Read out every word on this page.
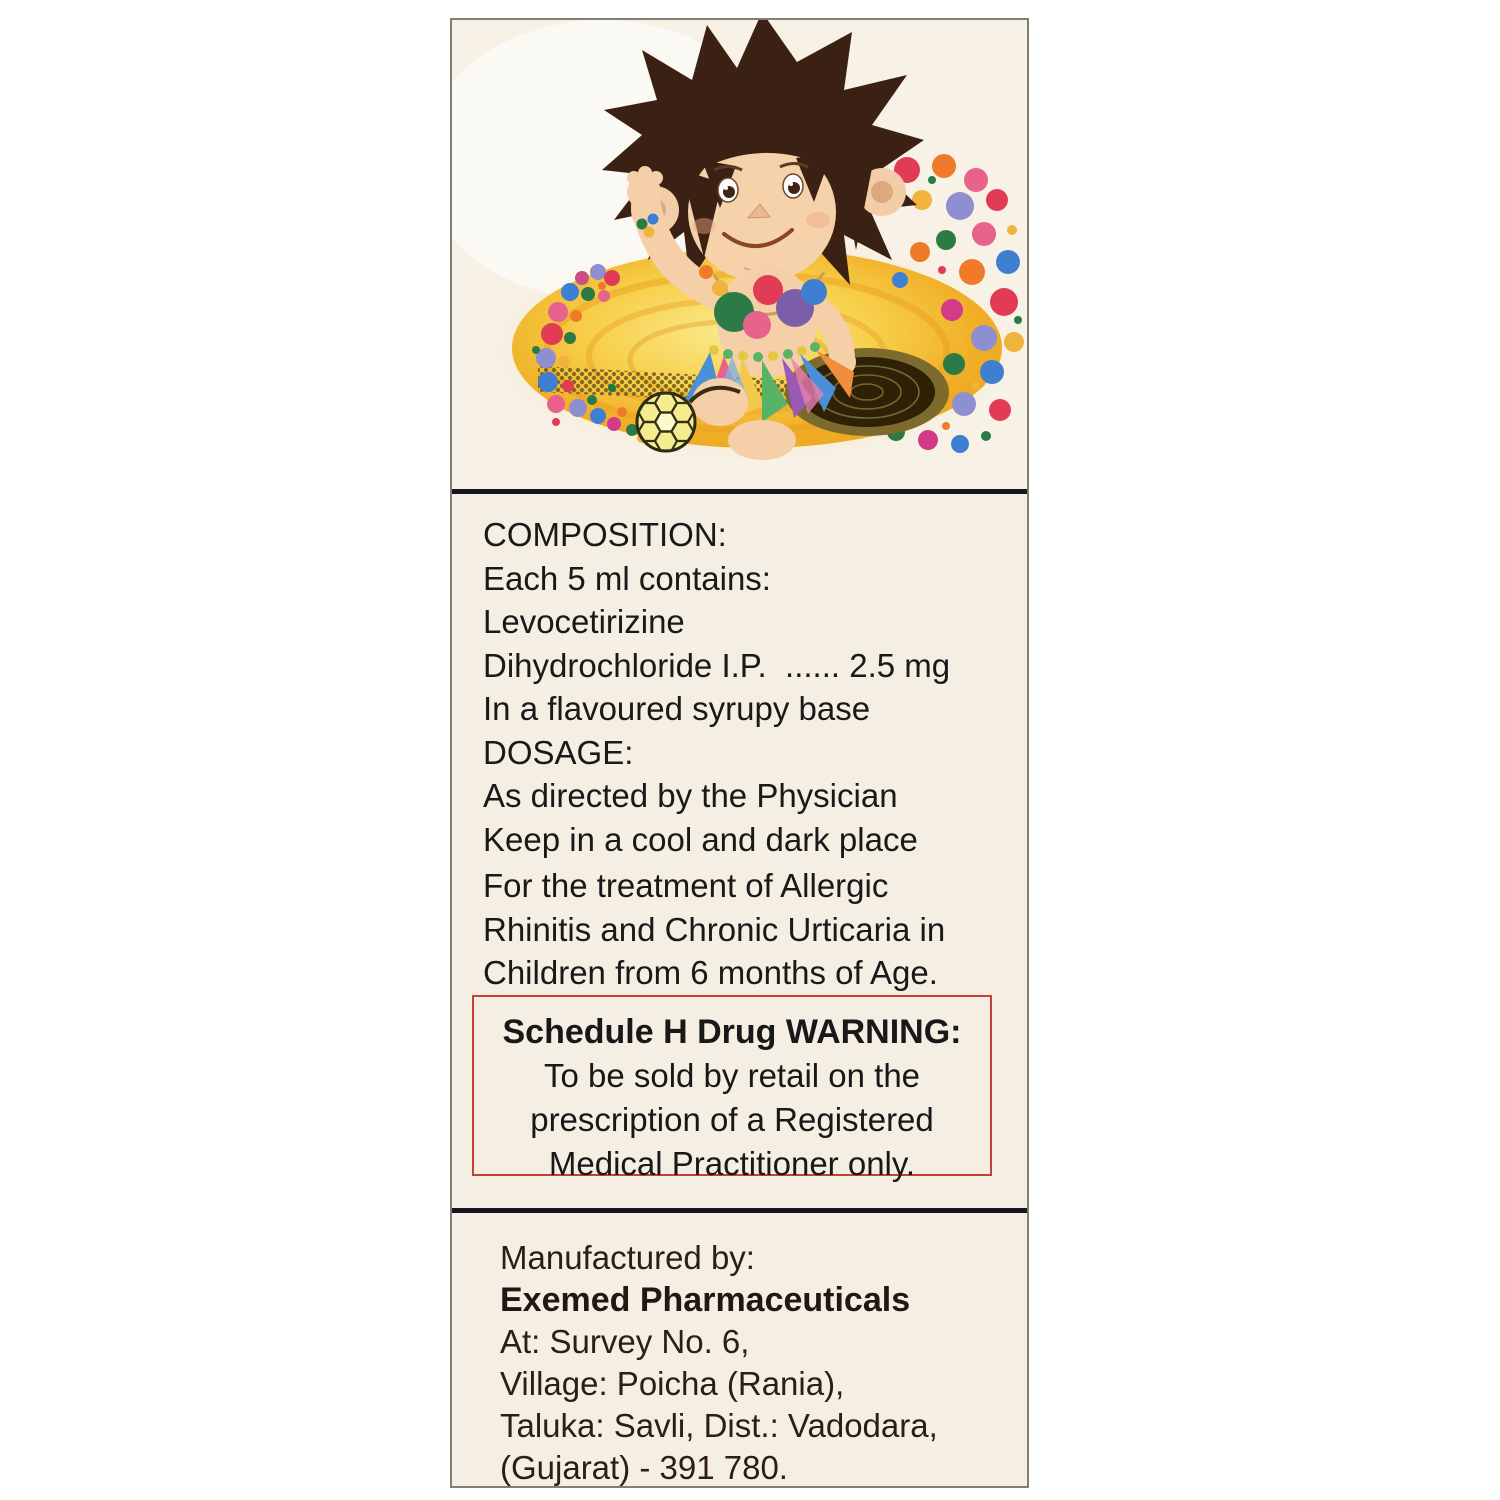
COMPOSITION:
Each 5 ml contains:
Levocetirizine
Dihydrochloride I.P.  ...... 2.5 mg
In a flavoured syrupy base
DOSAGE:
As directed by the Physician
Keep in a cool and dark place
For the treatment of Allergic
Rhinitis and Chronic Urticaria in
Children from 6 months of Age.
Schedule H Drug WARNING:
To be sold by retail on the
prescription of a Registered
Medical Practitioner only.
Manufactured by:
Exemed Pharmaceuticals
At: Survey No. 6,
Village: Poicha (Rania),
Taluka: Savli, Dist.: Vadodara,
(Gujarat) - 391 780.
